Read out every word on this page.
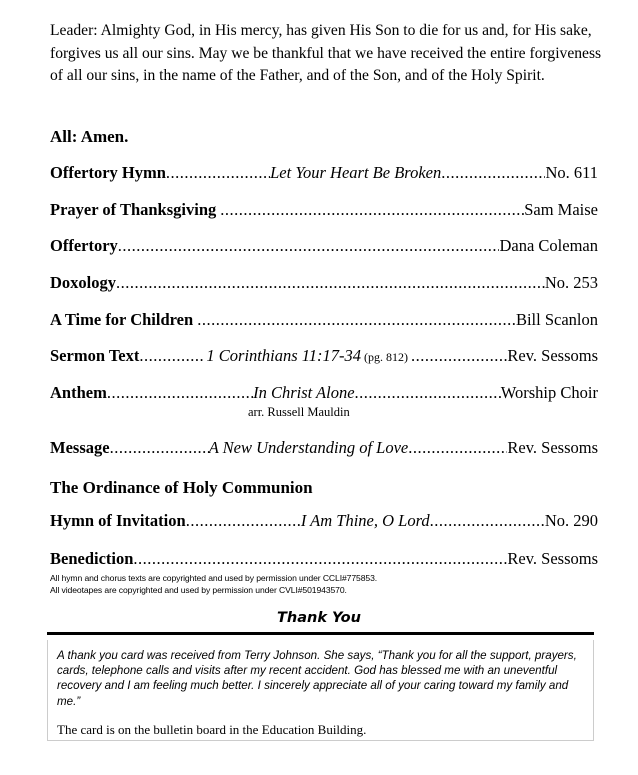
Leader: Almighty God, in His mercy, has given His Son to die for us and, for His sake, forgives us all our sins. May we be thankful that we have received the entire forgiveness of all our sins, in the name of the Father, and of the Son, and of the Holy Spirit.
All: Amen.
Offertory Hymn .....	Let Your Heart Be Broken .....	No. 611
Prayer of Thanksgiving .....	Sam Maise
Offertory .....	Dana Coleman
Doxology .....	No. 253
A Time for Children .....	Bill Scanlon
Sermon Text .....	1 Corinthians 11:17-34 (pg. 812) .....	Rev. Sessoms
Anthem .....	In Christ Alone .....	Worship Choir
arr. Russell Mauldin
Message .....	A New Understanding of Love .....	Rev. Sessoms
The Ordinance of Holy Communion
Hymn of Invitation .....	I Am Thine, O Lord .....	No. 290
Benediction .....	Rev. Sessoms
All hymn and chorus texts are copyrighted and used by permission under CCLI#775853.
All videotapes are copyrighted and used by permission under CVLI#501943570.
Thank You
A thank you card was received from Terry Johnson. She says, “Thank you for all the support, prayers, cards, telephone calls and visits after my recent accident. God has blessed me with an uneventful recovery and I am feeling much better. I sincerely appreciate all of your caring toward my family and me.”
The card is on the bulletin board in the Education Building.
